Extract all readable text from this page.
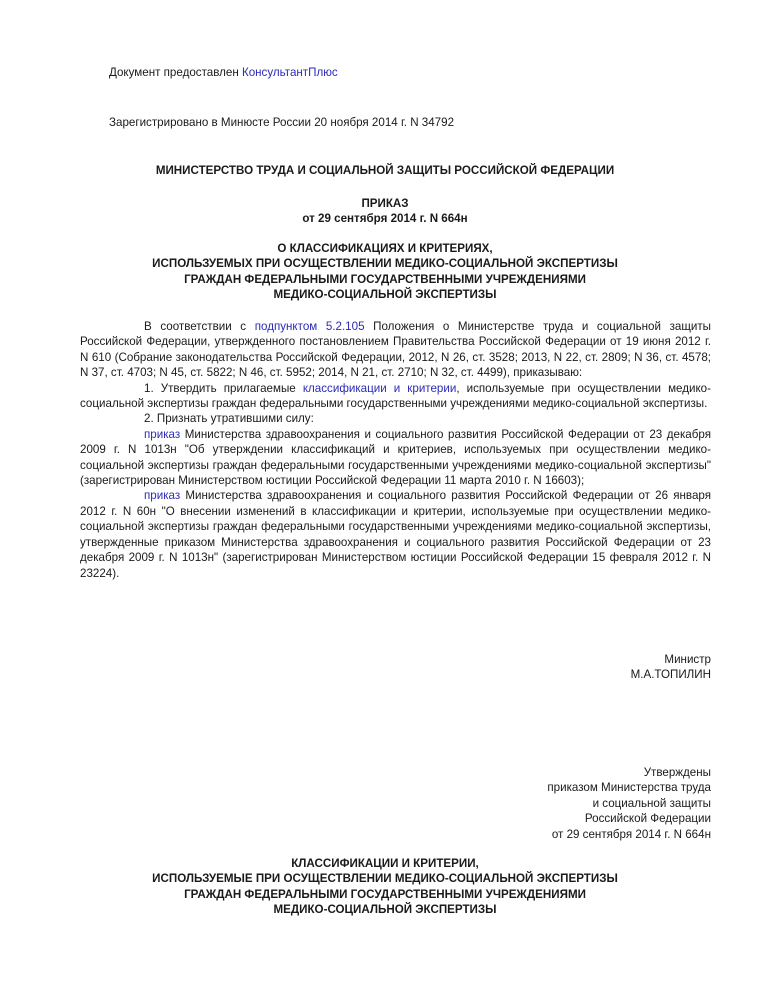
Документ предоставлен КонсультантПлюс
Зарегистрировано в Минюсте России 20 ноября 2014 г. N 34792
МИНИСТЕРСТВО ТРУДА И СОЦИАЛЬНОЙ ЗАЩИТЫ РОССИЙСКОЙ ФЕДЕРАЦИИ
ПРИКАЗ
от 29 сентября 2014 г. N 664н
О КЛАССИФИКАЦИЯХ И КРИТЕРИЯХ,
ИСПОЛЬЗУЕМЫХ ПРИ ОСУЩЕСТВЛЕНИИ МЕДИКО-СОЦИАЛЬНОЙ ЭКСПЕРТИЗЫ
ГРАЖДАН ФЕДЕРАЛЬНЫМИ ГОСУДАРСТВЕННЫМИ УЧРЕЖДЕНИЯМИ
МЕДИКО-СОЦИАЛЬНОЙ ЭКСПЕРТИЗЫ

В соответствии с подпунктом 5.2.105 Положения о Министерстве труда и социальной защиты Российской Федерации, утвержденного постановлением Правительства Российской Федерации от 19 июня 2012 г. N 610 (Собрание законодательства Российской Федерации, 2012, N 26, ст. 3528; 2013, N 22, ст. 2809; N 36, ст. 4578; N 37, ст. 4703; N 45, ст. 5822; N 46, ст. 5952; 2014, N 21, ст. 2710; N 32, ст. 4499), приказываю:

1. Утвердить прилагаемые классификации и критерии, используемые при осуществлении медико-социальной экспертизы граждан федеральными государственными учреждениями медико-социальной экспертизы.

2. Признать утратившими силу:

приказ Министерства здравоохранения и социального развития Российской Федерации от 23 декабря 2009 г. N 1013н "Об утверждении классификаций и критериев, используемых при осуществлении медико-социальной экспертизы граждан федеральными государственными учреждениями медико-социальной экспертизы" (зарегистрирован Министерством юстиции Российской Федерации 11 марта 2010 г. N 16603);

приказ Министерства здравоохранения и социального развития Российской Федерации от 26 января 2012 г. N 60н "О внесении изменений в классификации и критерии, используемые при осуществлении медико-социальной экспертизы граждан федеральными государственными учреждениями медико-социальной экспертизы, утвержденные приказом Министерства здравоохранения и социального развития Российской Федерации от 23 декабря 2009 г. N 1013н" (зарегистрирован Министерством юстиции Российской Федерации 15 февраля 2012 г. N 23224).

Министр
М.А.ТОПИЛИН
Утверждены
приказом Министерства труда
и социальной защиты
Российской Федерации
от 29 сентября 2014 г. N 664н
КЛАССИФИКАЦИИ И КРИТЕРИИ,
ИСПОЛЬЗУЕМЫЕ ПРИ ОСУЩЕСТВЛЕНИИ МЕДИКО-СОЦИАЛЬНОЙ ЭКСПЕРТИЗЫ
ГРАЖДАН ФЕДЕРАЛЬНЫМИ ГОСУДАРСТВЕННЫМИ УЧРЕЖДЕНИЯМИ
МЕДИКО-СОЦИАЛЬНОЙ ЭКСПЕРТИЗЫ
